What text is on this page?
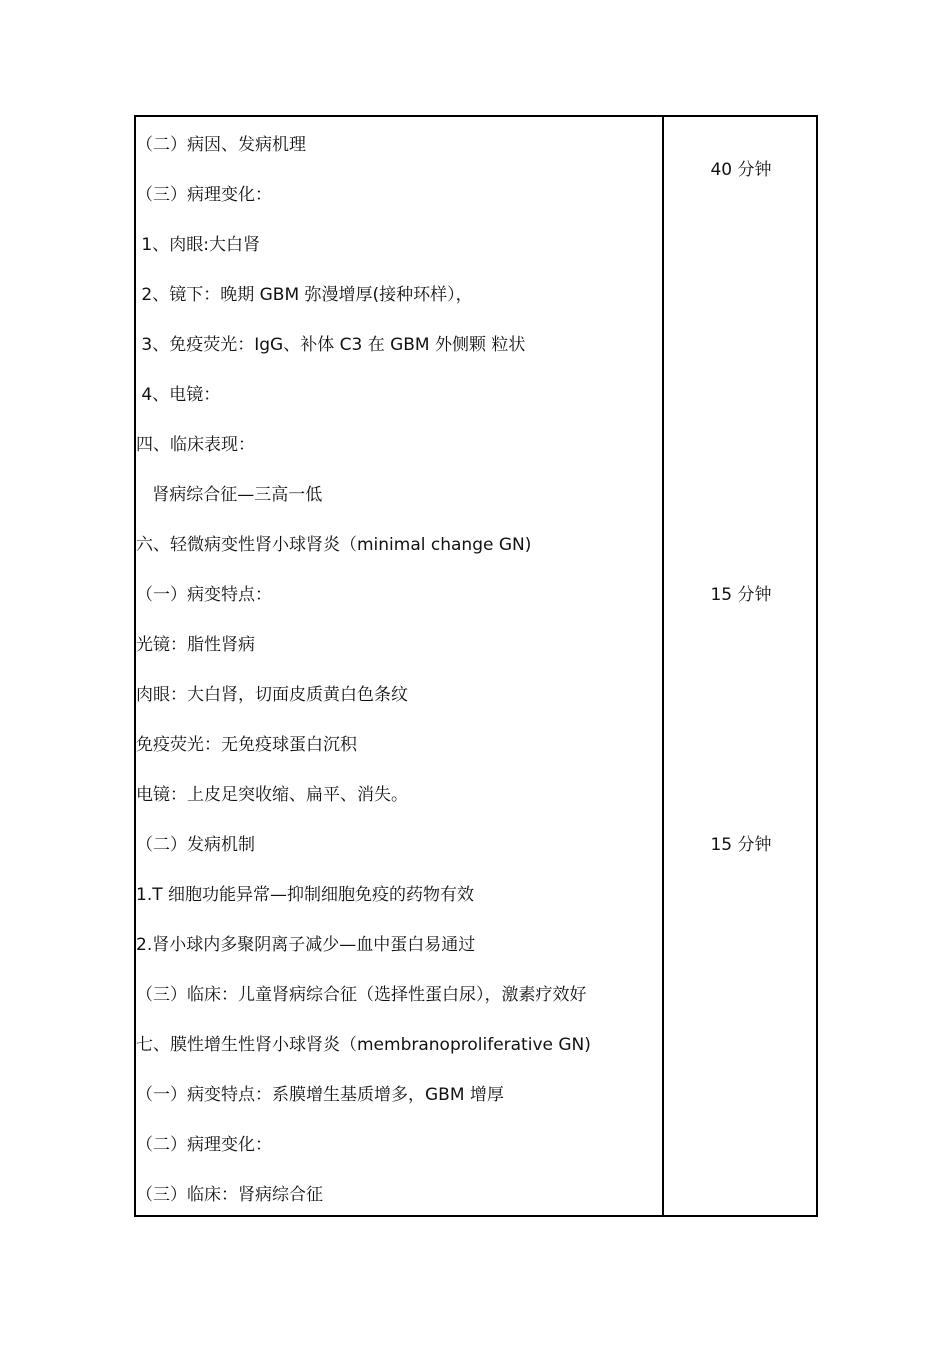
（二）病因、发病机理
（三）病理变化：
1、肉眼:大白肾
2、镜下：晚期 GBM 弥漫增厚(接种环样），
3、免疫荧光：IgG、补体 C3 在 GBM 外侧颗 粒状
4、电镜：
四、临床表现：
肾病综合征—三高一低
六、轻微病变性肾小球肾炎（minimal change GN)
（一）病变特点：
光镜：脂性肾病
肉眼：大白肾，切面皮质黄白色条纹
免疫荧光：无免疫球蛋白沉积
电镜：上皮足突收缩、扁平、消失。
（二）发病机制
1.T 细胞功能异常—抑制细胞免疫的药物有效
2.肾小球内多聚阴离子减少—血中蛋白易通过
（三）临床：儿童肾病综合征（选择性蛋白尿），激素疗效好
七、膜性增生性肾小球肾炎（membranoproliferative GN)
（一）病变特点：系膜增生基质增多，GBM 增厚
（二）病理变化：
（三）临床：肾病综合征
40 分钟
15 分钟
15 分钟
